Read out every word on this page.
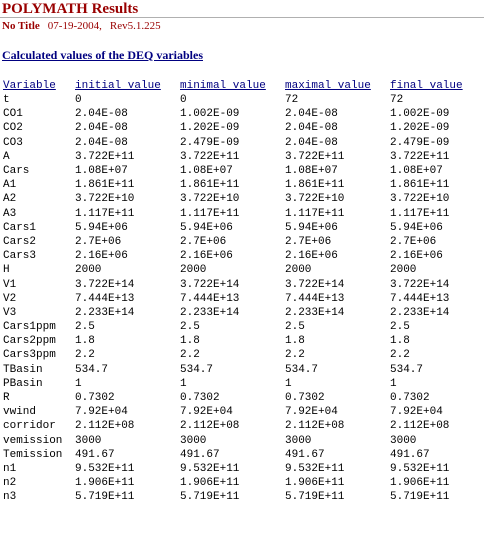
POLYMATH Results
No Title 07-19-2004, Rev5.1.225
Calculated values of the DEQ variables
Variable	initial value	minimal value	maximal value	final value
t	0	0	72	72
CO1	2.04E-08	1.002E-09	2.04E-08	1.002E-09
CO2	2.04E-08	1.202E-09	2.04E-08	1.202E-09
CO3	2.04E-08	2.479E-09	2.04E-08	2.479E-09
A	3.722E+11	3.722E+11	3.722E+11	3.722E+11
Cars	1.08E+07	1.08E+07	1.08E+07	1.08E+07
A1	1.861E+11	1.861E+11	1.861E+11	1.861E+11
A2	3.722E+10	3.722E+10	3.722E+10	3.722E+10
A3	1.117E+11	1.117E+11	1.117E+11	1.117E+11
Cars1	5.94E+06	5.94E+06	5.94E+06	5.94E+06
Cars2	2.7E+06	2.7E+06	2.7E+06	2.7E+06
Cars3	2.16E+06	2.16E+06	2.16E+06	2.16E+06
H	2000	2000	2000	2000
V1	3.722E+14	3.722E+14	3.722E+14	3.722E+14
V2	7.444E+13	7.444E+13	7.444E+13	7.444E+13
V3	2.233E+14	2.233E+14	2.233E+14	2.233E+14
Cars1ppm	2.5	2.5	2.5	2.5
Cars2ppm	1.8	1.8	1.8	1.8
Cars3ppm	2.2	2.2	2.2	2.2
TBasin	534.7	534.7	534.7	534.7
PBasin	1	1	1	1
R	0.7302	0.7302	0.7302	0.7302
vwind	7.92E+04	7.92E+04	7.92E+04	7.92E+04
corridor	2.112E+08	2.112E+08	2.112E+08	2.112E+08
vemission	3000	3000	3000	3000
Temission	491.67	491.67	491.67	491.67
n1	9.532E+11	9.532E+11	9.532E+11	9.532E+11
n2	1.906E+11	1.906E+11	1.906E+11	1.906E+11
n3	5.719E+11	5.719E+11	5.719E+11	5.719E+11
